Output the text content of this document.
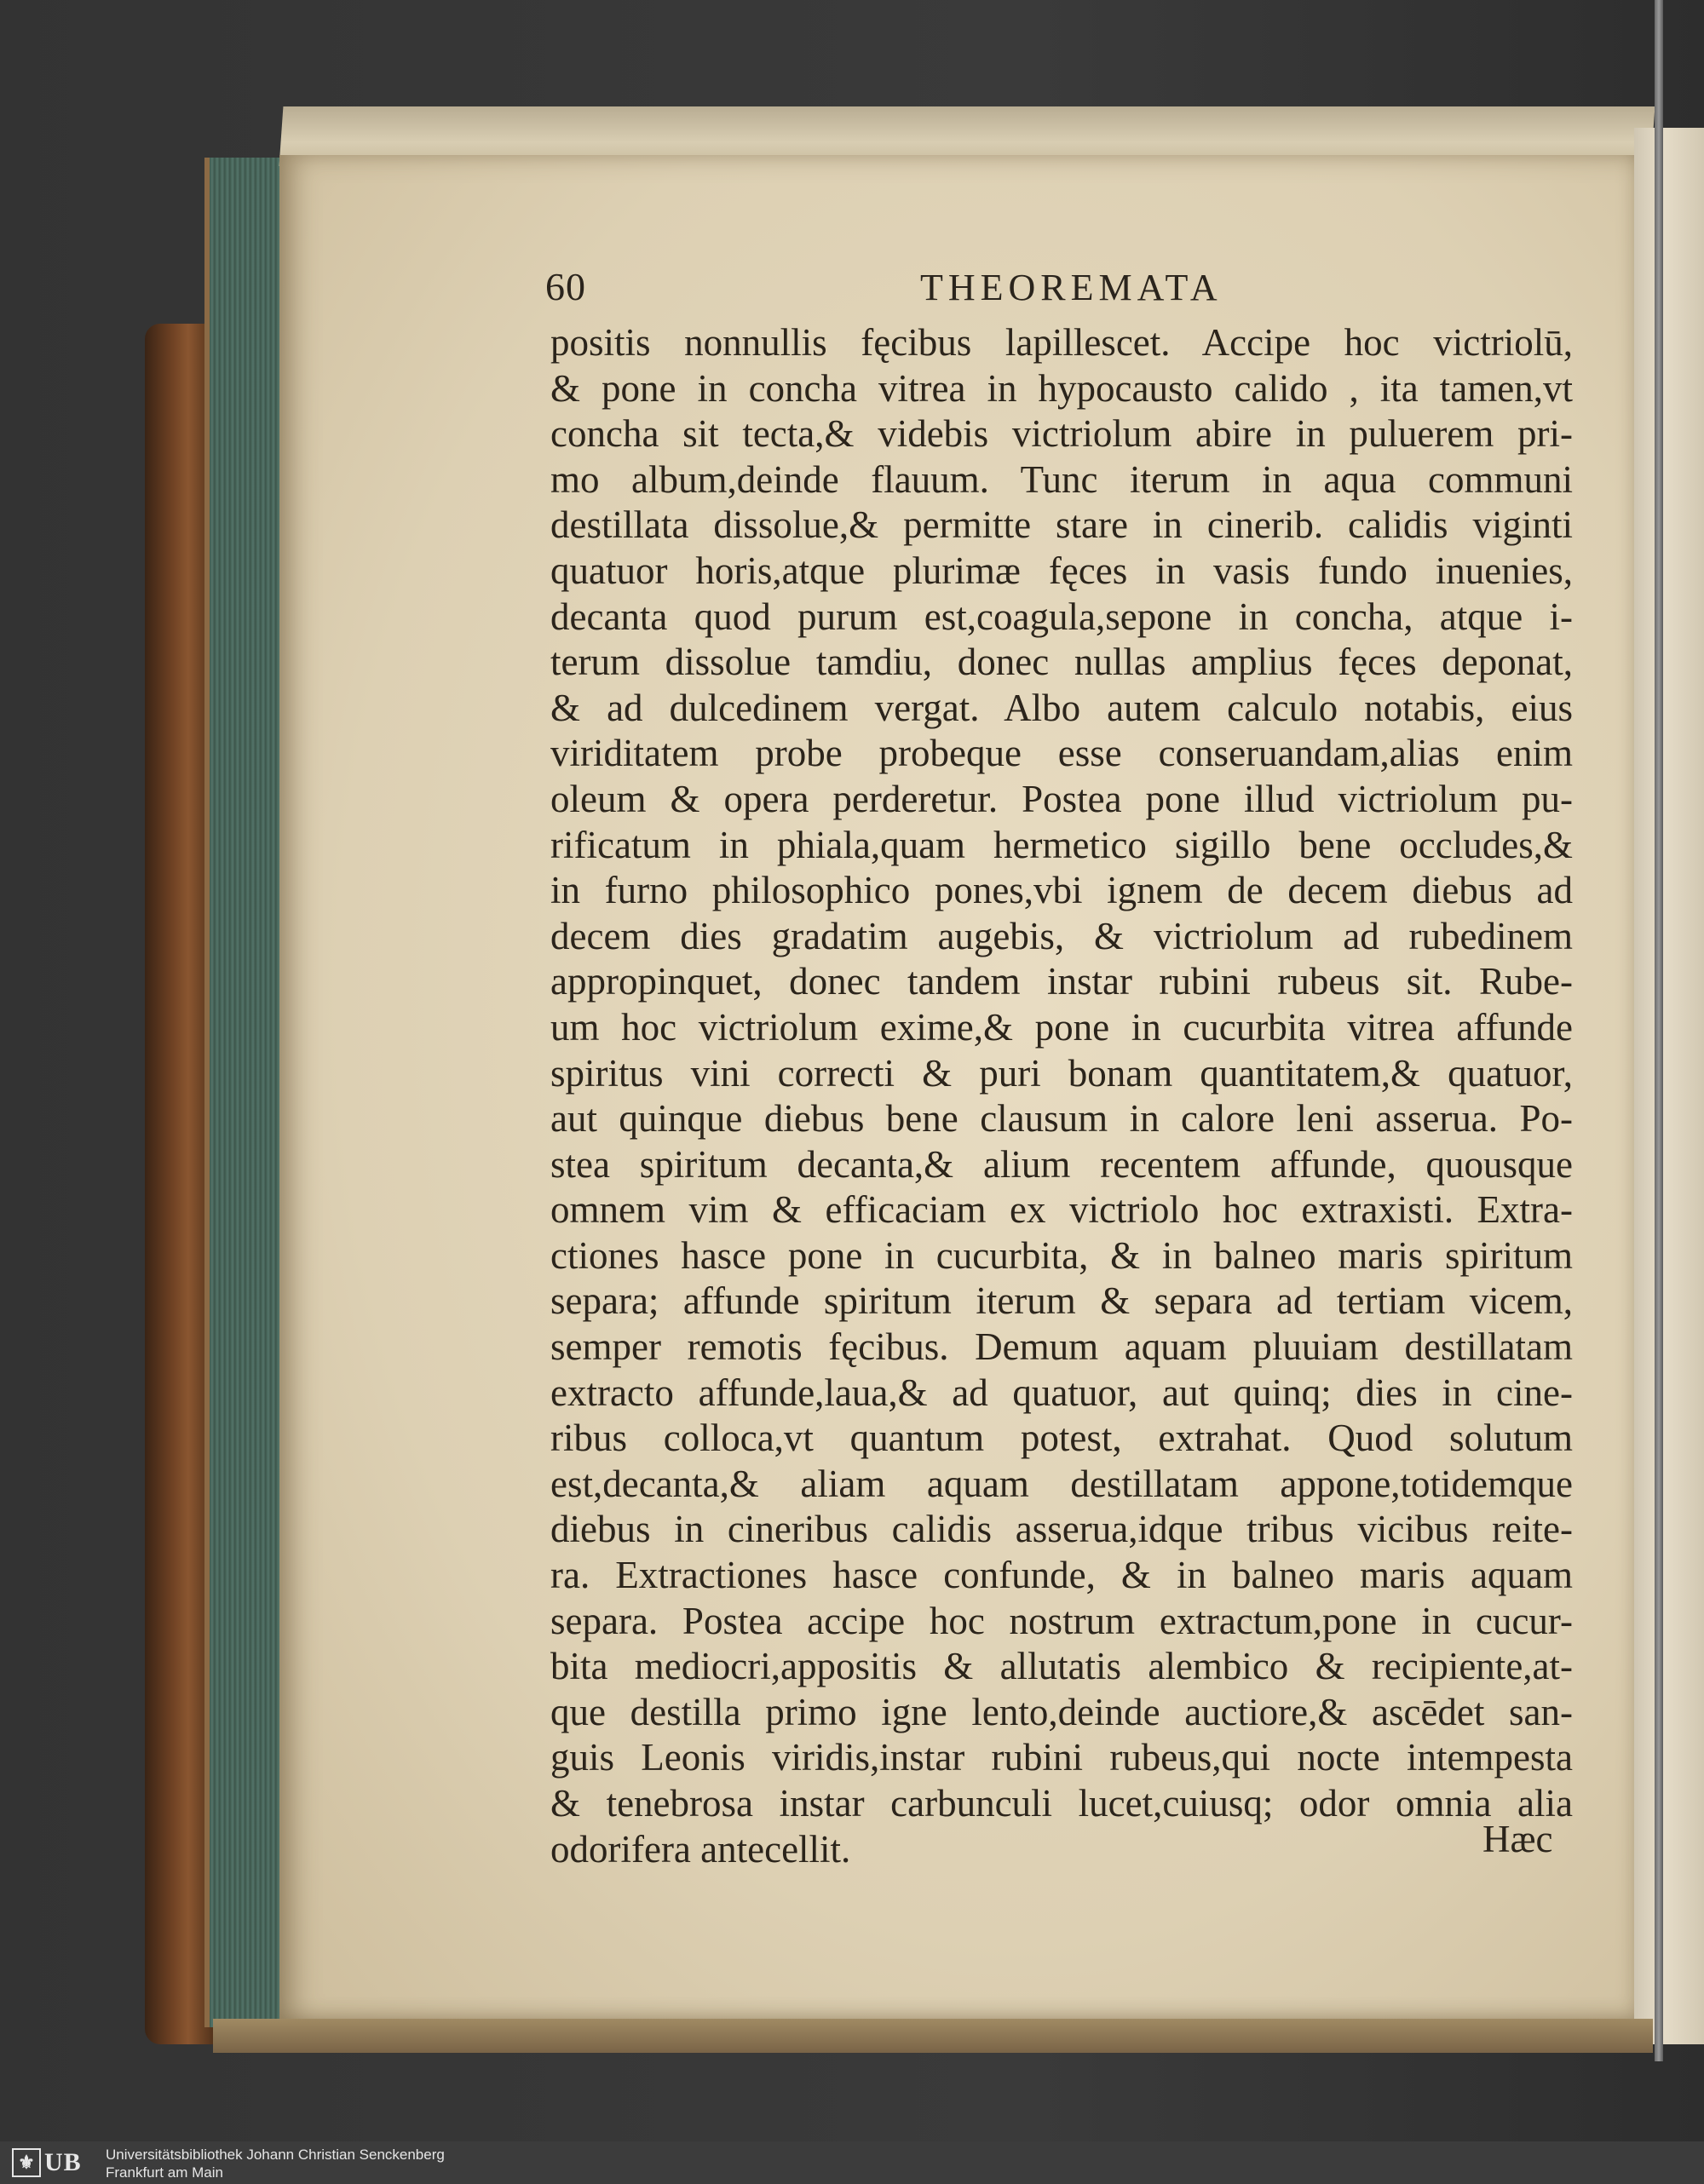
60	THEOREMATA
positis nonnullis fęcibus lapillescet. Accipe hoc victriolū,
& pone in concha vitrea in hypocausto calido , ita tamen,vt
concha sit tecta,& videbis victriolum abire in puluerem pri-
mo album,deinde flauum. Tunc iterum in aqua communi
destillata dissolue,& permitte stare in cinerib. calidis viginti
quatuor horis,atque plurimæ fęces in vasis fundo inuenies,
decanta quod purum est,coagula,sepone in concha, atque i-
terum dissolue tamdiu, donec nullas amplius fęces deponat,
& ad dulcedinem vergat. Albo autem calculo notabis, eius
viriditatem probe probeque esse conseruandam,alias enim
oleum & opera perderetur. Postea pone illud victriolum pu-
rificatum in phiala,quam hermetico sigillo bene occludes,&
in furno philosophico pones,vbi ignem de decem diebus ad
decem dies gradatim augebis, & victriolum ad rubedinem
appropinquet, donec tandem instar rubini rubeus sit. Rube-
um hoc victriolum exime,& pone in cucurbita vitrea affunde
spiritus vini correcti & puri bonam quantitatem,& quatuor,
aut quinque diebus bene clausum in calore leni asserua. Po-
stea spiritum decanta,& alium recentem affunde, quousque
omnem vim & efficaciam ex victriolo hoc extraxisti. Extra-
ctiones hasce pone in cucurbita, & in balneo maris spiritum
separa; affunde spiritum iterum & separa ad tertiam vicem,
semper remotis fęcibus. Demum aquam pluuiam destillatam
extracto affunde,laua,& ad quatuor, aut quinq; dies in cine-
ribus colloca,vt quantum potest, extrahat. Quod solutum
est,decanta,& aliam aquam destillatam appone,totidemque
diebus in cineribus calidis asserua,idque tribus vicibus reite-
ra. Extractiones hasce confunde, & in balneo maris aquam
separa. Postea accipe hoc nostrum extractum,pone in cucur-
bita mediocri,appositis & allutatis alembico & recipiente,at-
que destilla primo igne lento,deinde auctiore,& ascēdet san-
guis Leonis viridis,instar rubini rubeus,qui nocte intempesta
& tenebrosa instar carbunculi lucet,cuiusq; odor omnia alia
odorifera antecellit.	Hæc
⚜ UB Universitätsbibliothek Johann Christian Senckenberg
Frankfurt am Main
